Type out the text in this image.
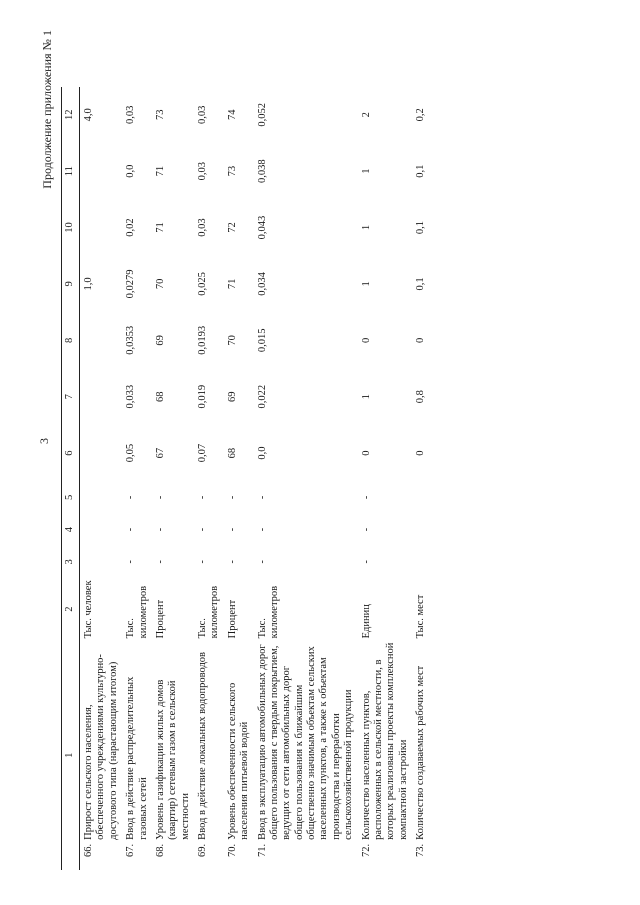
3
Продолжение приложения № 1
1		2	3	4	5	6	7	8	9	10	11	12
66.	Прирост сельского населения, обеспеченного учреждениями культурно-досугового типа (нарастающим итогом)	Тыс. человек							1,0			4,0
67.	Ввод в действие распределительных газовых сетей	Тыс. километров	-	-	-	0,05	0,033	0,0353	0,0279	0,02	0,0	0,03
68.	Уровень газификации жилых домов (квартир) сетевым газом в сельской местности	Процент	-	-	-	67	68	69	70	71	71	73
69.	Ввод в действие локальных водопроводов	Тыс. километров	-	-	-	0,07	0,019	0,0193	0,025	0,03	0,03	0,03
70.	Уровень обеспеченности сельского населения питьевой водой	Процент	-	-	-	68	69	70	71	72	73	74
71.	Ввод в эксплуатацию автомобильных дорог общего пользования с твердым покрытием, ведущих от сети автомобильных дорог общего пользования к ближайшим общественно значимым объектам сельских населенных пунктов, а также к объектам производства и переработки сельскохозяйственной продукции	Тыс. километров	-	-	-	0,0	0,022	0,015	0,034	0,043	0,038	0,052
72.	Количество населенных пунктов, расположенных в сельской местности, в которых реализованы проекты комплексной компактной застройки	Единиц	-	-	-	0	1	0	1	1	1	2
73.	Количество создаваемых рабочих мест	Тыс. мест				0	0,8	0	0,1	0,1	0,1	0,2
